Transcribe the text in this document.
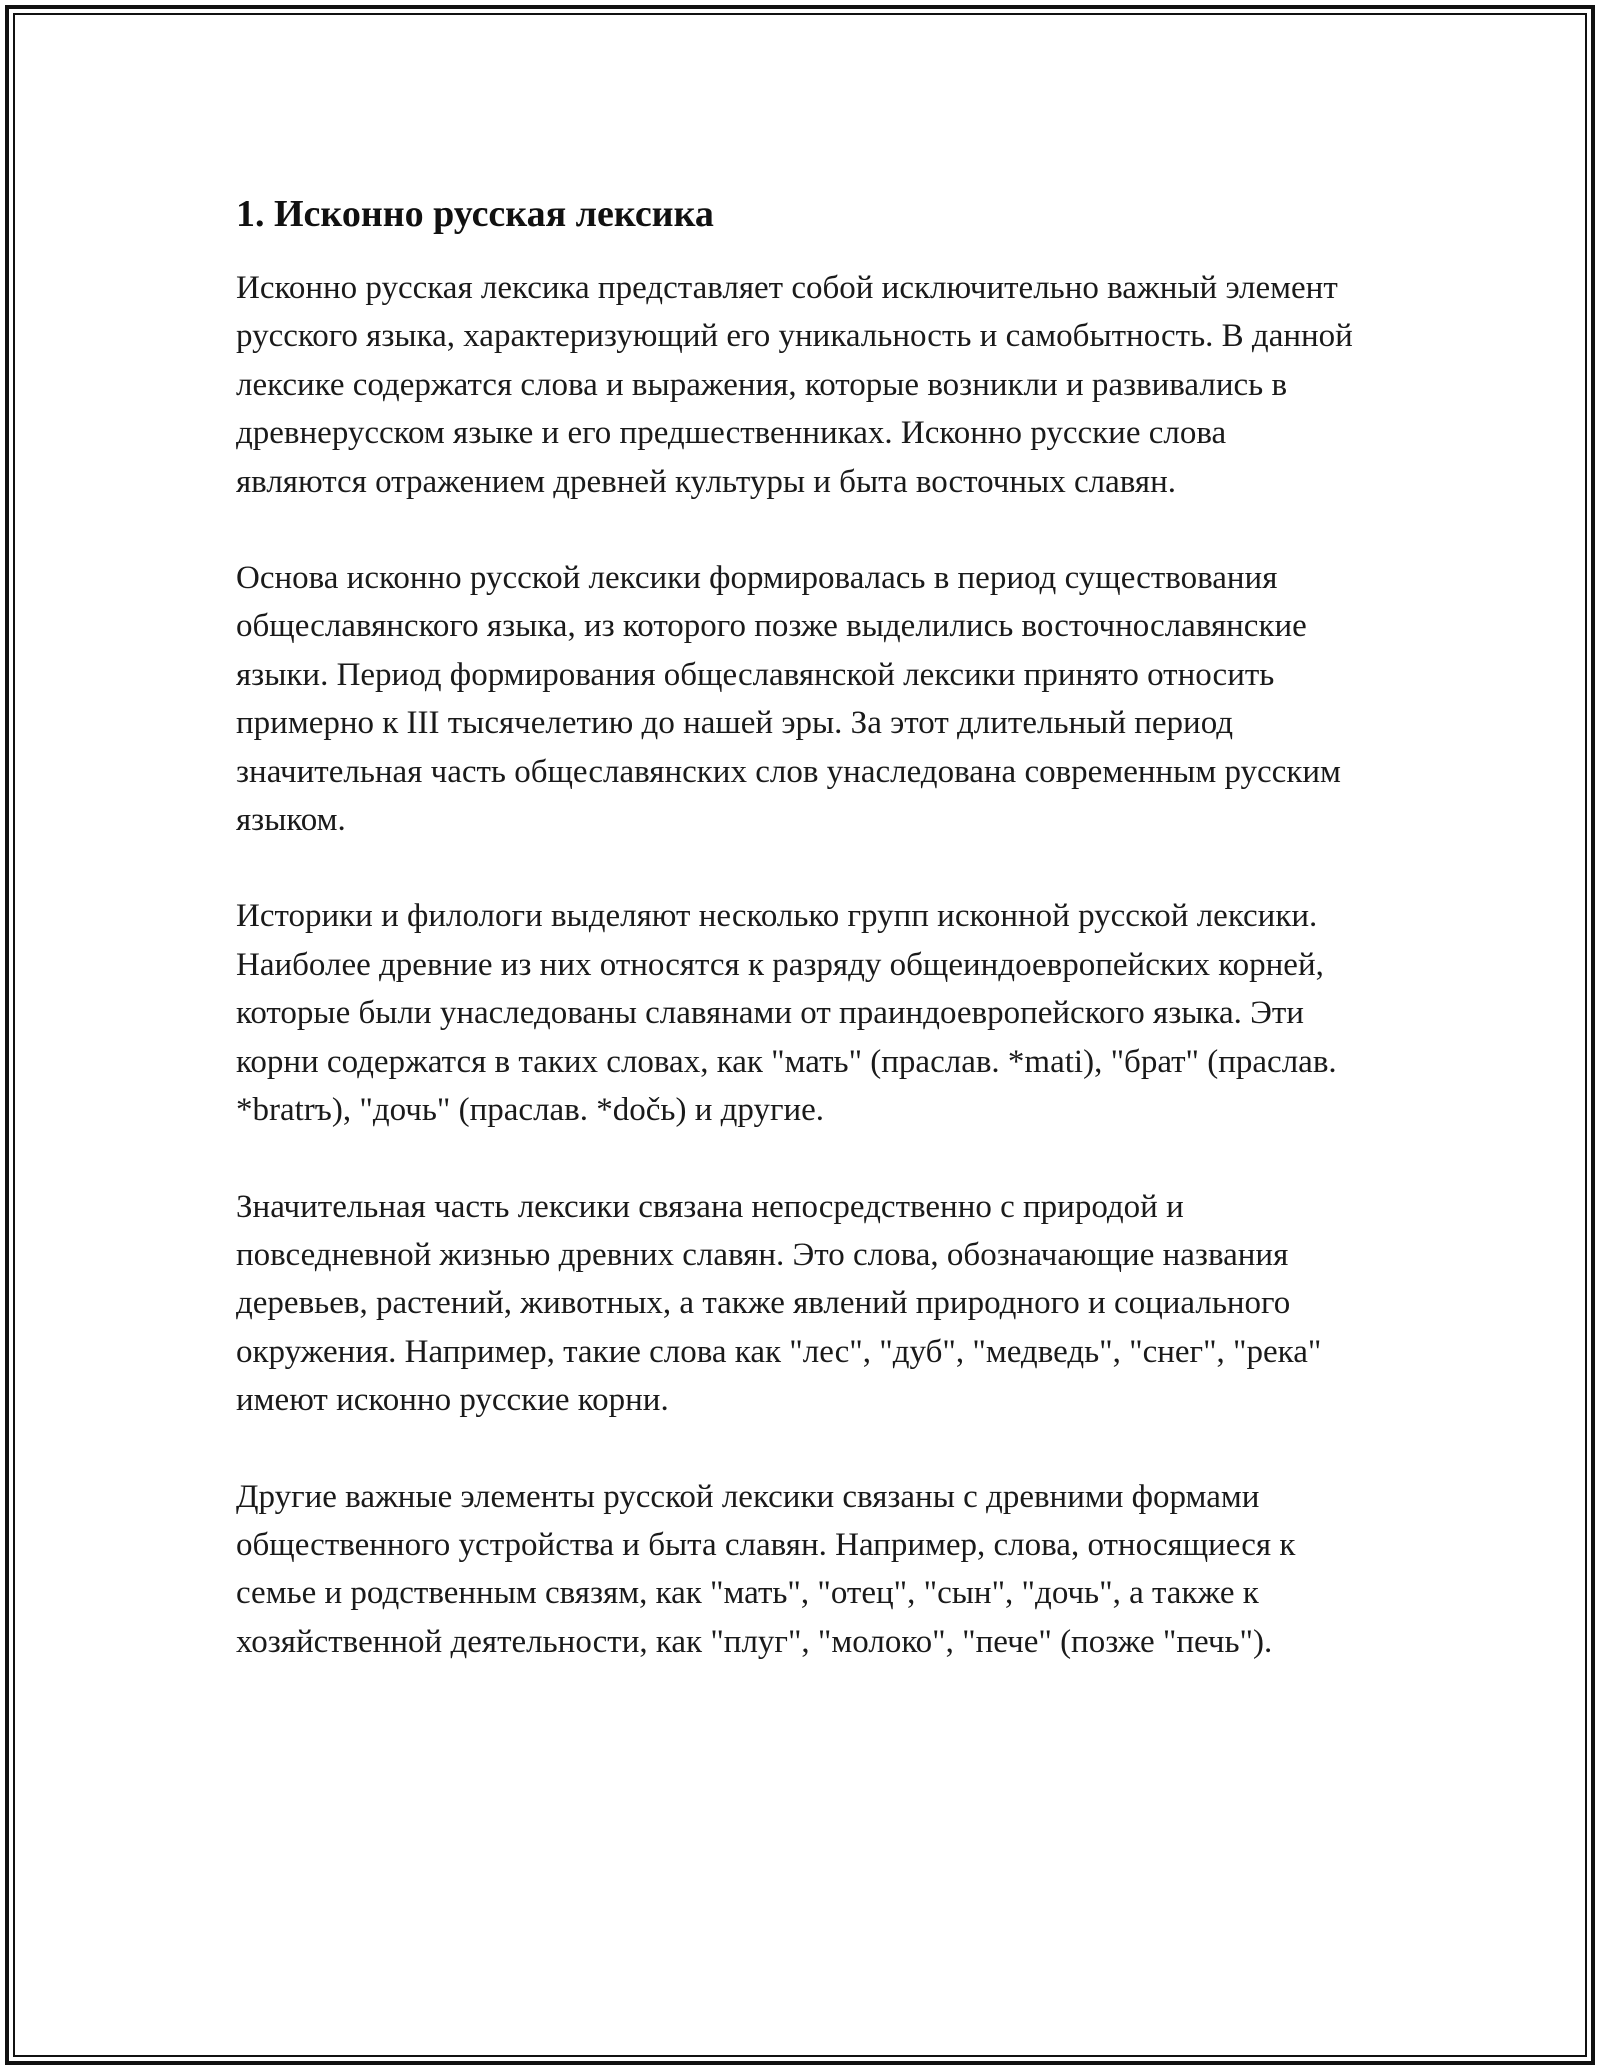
1. Исконно русская лексика

Исконно русская лексика представляет собой исключительно важный элемент русского языка, характеризующий его уникальность и самобытность. В данной лексике содержатся слова и выражения, которые возникли и развивались в древнерусском языке и его предшественниках. Исконно русские слова являются отражением древней культуры и быта восточных славян.

Основа исконно русской лексики формировалась в период существования общеславянского языка, из которого позже выделились восточнославянские языки. Период формирования общеславянской лексики принято относить примерно к III тысячелетию до нашей эры. За этот длительный период значительная часть общеславянских слов унаследована современным русским языком.

Историки и филологи выделяют несколько групп исконной русской лексики. Наиболее древние из них относятся к разряду общеиндоевропейских корней, которые были унаследованы славянами от праиндоевропейского языка. Эти корни содержатся в таких словах, как "мать" (праслав. *mati), "брат" (праслав. *bratrъ), "дочь" (праслав. *dočь) и другие.

Значительная часть лексики связана непосредственно с природой и повседневной жизнью древних славян. Это слова, обозначающие названия деревьев, растений, животных, а также явлений природного и социального окружения. Например, такие слова как "лес", "дуб", "медведь", "снег", "река" имеют исконно русские корни.

Другие важные элементы русской лексики связаны с древними формами общественного устройства и быта славян. Например, слова, относящиеся к семье и родственным связям, как "мать", "отец", "сын", "дочь", а также к хозяйственной деятельности, как "плуг", "молоко", "пече" (позже "печь").
